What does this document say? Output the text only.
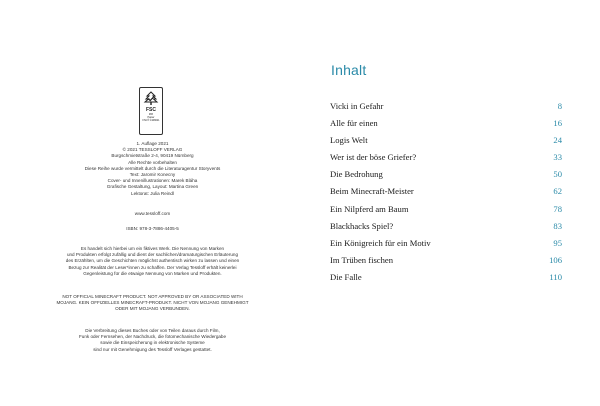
FSC
MIX
Papier
FSC® C108021
1. Auflage 2021
© 2021 TESSLOFF VERLAG
Burgschmietstraße 2-4, 90419 Nürnberg
Alle Rechte vorbehalten
Diese Reihe wurde vermittelt durch die Literaturagentur Storyvents
Text: Jaromir Konecny
Cover- und Innenillustrationen: Marek Bláha
Grafische Gestaltung, Layout: Martina Green
Lektorat: Julia Reindl
www.tessloff.com
ISBN: 978-3-7886-4405-5
Es handelt sich hierbei um ein fiktives Werk. Die Nennung von Marken
und Produkten erfolgt zufällig und dient der sachlichen/dramaturgischen Erläuterung
des Erzählten, um die Geschichten möglichst authentisch wirken zu lassen und einen
Bezug zur Realität der Leser*innen zu schaffen. Der Verlag Tessloff erhält keinerlei
Gegenleistung für die etwaige Nennung von Marken und Produkten.
NOT OFFICIAL MINECRAFT PRODUCT. NOT APPROVED BY OR ASSOCIATED WITH
MOJANG. KEIN OFFIZIELLES MINECRAFT-PRODUKT. NICHT VON MOJANG GENEHMIGT
ODER MIT MOJANG VERBUNDEN.
Die Verbreitung dieses Buches oder von Teilen daraus durch Film,
Funk oder Fernsehen, der Nachdruck, die fotomechanische Wiedergabe
sowie die Einspeicherung in elektronische Systeme
sind nur mit Genehmigung des Tessloff Verlages gestattet.
Inhalt
Vicki in Gefahr	8
Alle für einen	16
Logis Welt	24
Wer ist der böse Griefer?	33
Die Bedrohung	50
Beim Minecraft-Meister	62
Ein Nilpferd am Baum	78
Blackhacks Spiel?	83
Ein Königreich für ein Motiv	95
Im Trüben fischen	106
Die Falle	110
